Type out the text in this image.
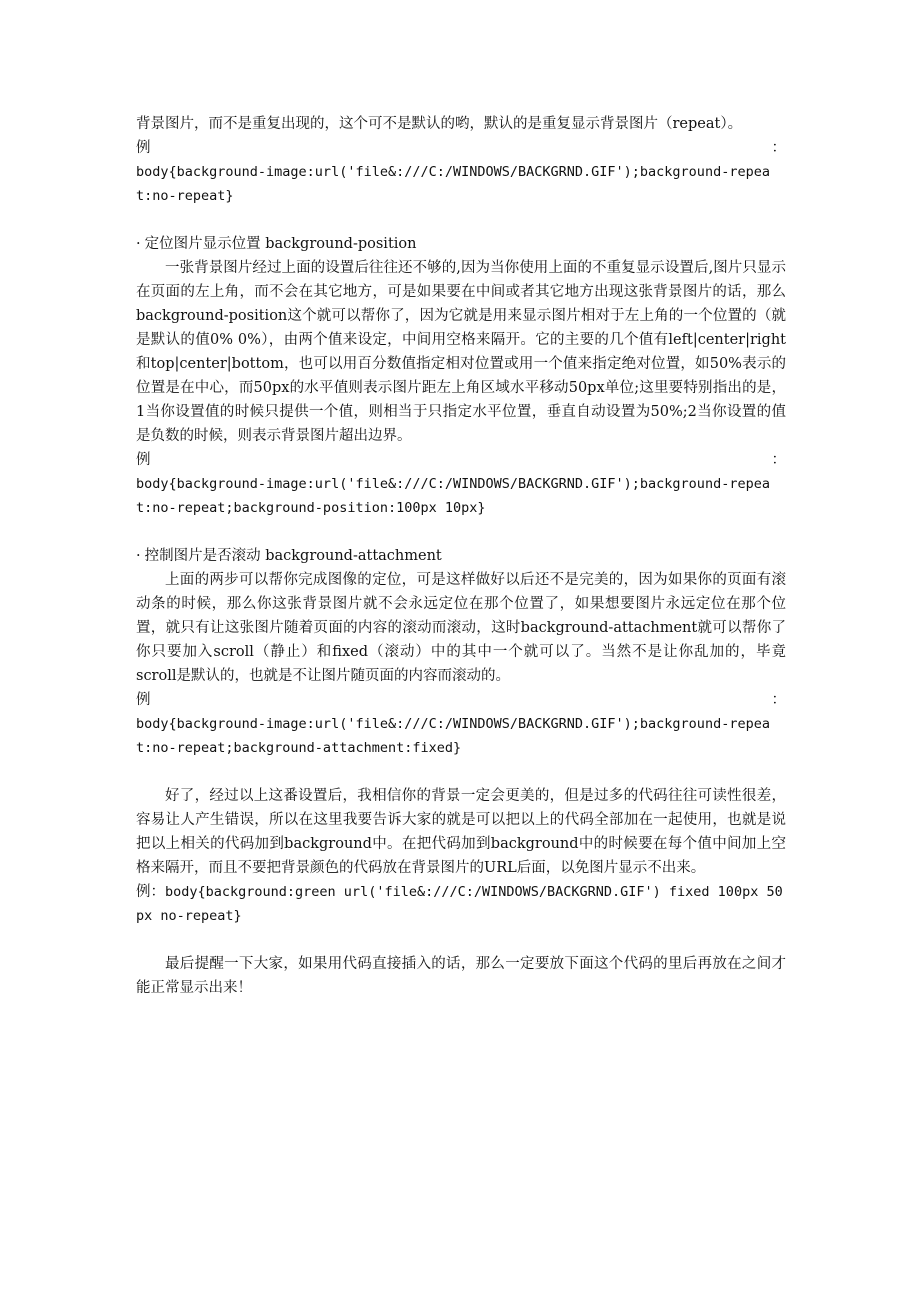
背景图片，而不是重复出现的，这个可不是默认的哟，默认的是重复显示背景图片（repeat）。

例	：

body{background-image:url('file&:///C:/WINDOWS/BACKGRND.GIF');background-repeat:no-repeat}

· 定位图片显示位置 background-position

一张背景图片经过上面的设置后往往还不够的,因为当你使用上面的不重复显示设置后,图片只显示在页面的左上角，而不会在其它地方，可是如果要在中间或者其它地方出现这张背景图片的话，那么background-position这个就可以帮你了，因为它就是用来显示图片相对于左上角的一个位置的（就是默认的值0% 0%），由两个值来设定，中间用空格来隔开。它的主要的几个值有left|center|right和top|center|bottom，也可以用百分数值指定相对位置或用一个值来指定绝对位置，如50%表示的位置是在中心，而50px的水平值则表示图片距左上角区域水平移动50px单位;这里要特别指出的是，1当你设置值的时候只提供一个值，则相当于只指定水平位置，垂直自动设置为50%;2当你设置的值是负数的时候，则表示背景图片超出边界。

例	：

body{background-image:url('file&:///C:/WINDOWS/BACKGRND.GIF');background-repeat:no-repeat;background-position:100px 10px}

· 控制图片是否滚动 background-attachment

上面的两步可以帮你完成图像的定位，可是这样做好以后还不是完美的，因为如果你的页面有滚动条的时候，那么你这张背景图片就不会永远定位在那个位置了，如果想要图片永远定位在那个位置，就只有让这张图片随着页面的内容的滚动而滚动，这时background-attachment就可以帮你了你只要加入scroll（静止）和fixed（滚动）中的其中一个就可以了。当然不是让你乱加的，毕竟scroll是默认的，也就是不让图片随页面的内容而滚动的。

例	：

body{background-image:url('file&:///C:/WINDOWS/BACKGRND.GIF');background-repeat:no-repeat;background-attachment:fixed}

好了，经过以上这番设置后，我相信你的背景一定会更美的，但是过多的代码往往可读性很差，容易让人产生错误，所以在这里我要告诉大家的就是可以把以上的代码全部加在一起使用，也就是说把以上相关的代码加到background中。在把代码加到background中的时候要在每个值中间加上空格来隔开，而且不要把背景颜色的代码放在背景图片的URL后面，以免图片显示不出来。

例：body{background:green url('file&:///C:/WINDOWS/BACKGRND.GIF') fixed 100px 50px no-repeat}

最后提醒一下大家，如果用代码直接插入的话，那么一定要放下面这个代码的里后再放在之间才能正常显示出来！
